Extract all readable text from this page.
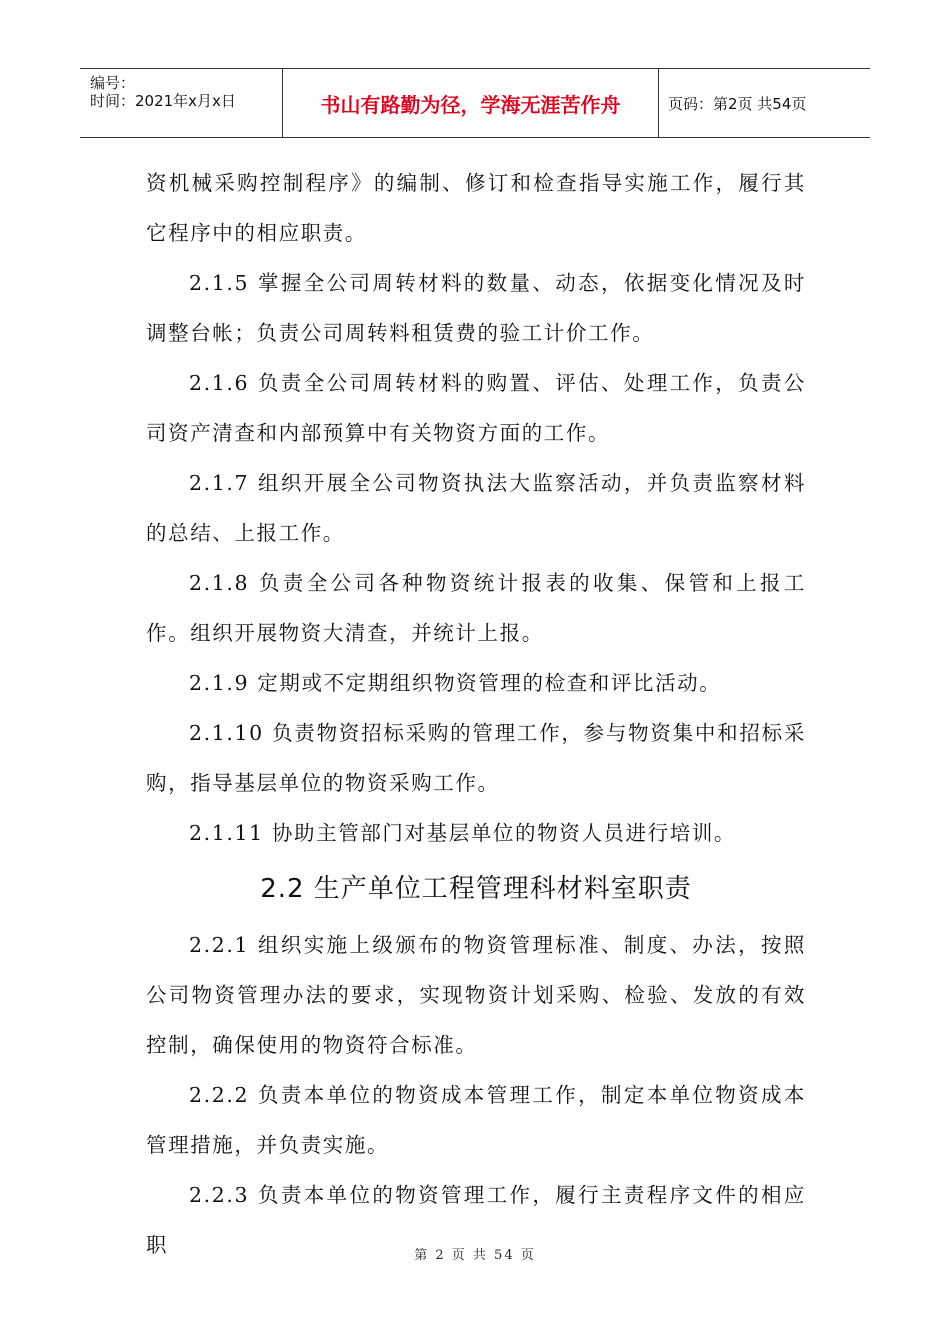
编号：
时间：2021年x月x日	书山有路勤为径，学海无涯苦作舟	页码：第2页 共54页

资机械采购控制程序》的编制、修订和检查指导实施工作，履行其它程序中的相应职责。

2.1.5 掌握全公司周转材料的数量、动态，依据变化情况及时调整台帐；负责公司周转料租赁费的验工计价工作。

2.1.6 负责全公司周转材料的购置、评估、处理工作，负责公司资产清查和内部预算中有关物资方面的工作。

2.1.7 组织开展全公司物资执法大监察活动，并负责监察材料的总结、上报工作。

2.1.8 负责全公司各种物资统计报表的收集、保管和上报工作。组织开展物资大清查，并统计上报。

2.1.9 定期或不定期组织物资管理的检查和评比活动。

2.1.10 负责物资招标采购的管理工作，参与物资集中和招标采购，指导基层单位的物资采购工作。

2.1.11 协助主管部门对基层单位的物资人员进行培训。

2.2 生产单位工程管理科材料室职责

2.2.1 组织实施上级颁布的物资管理标准、制度、办法，按照公司物资管理办法的要求，实现物资计划采购、检验、发放的有效控制，确保使用的物资符合标准。

2.2.2 负责本单位的物资成本管理工作，制定本单位物资成本管理措施，并负责实施。

2.2.3 负责本单位的物资管理工作，履行主责程序文件的相应职	第 2 页 共 54 页
